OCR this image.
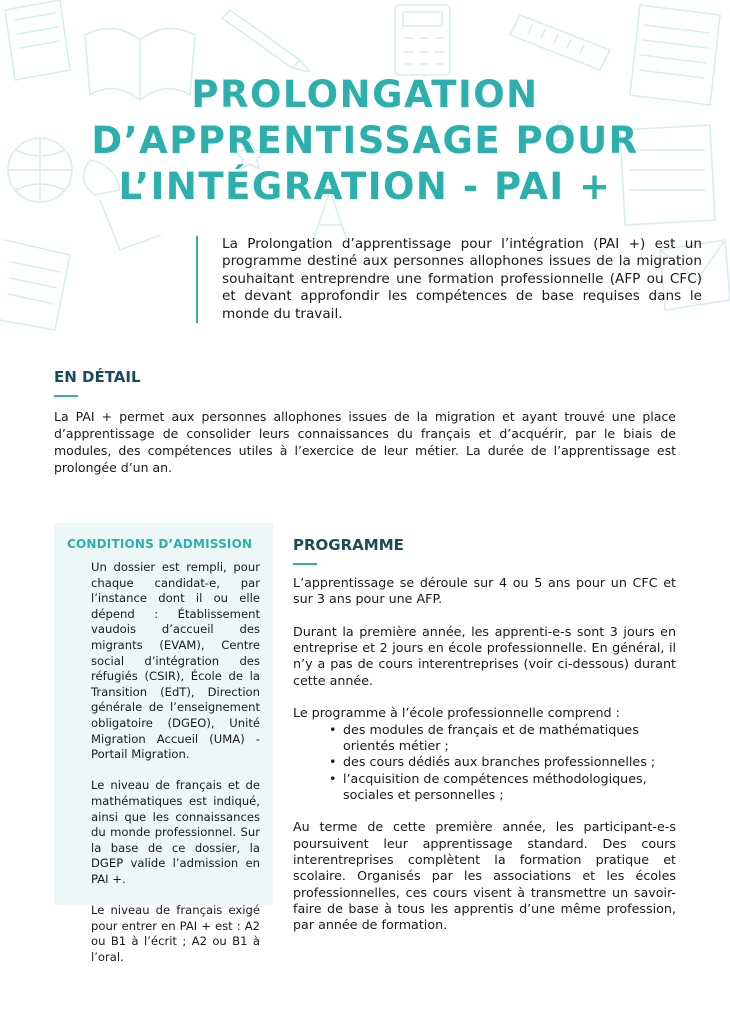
PROLONGATION
D’APPRENTISSAGE POUR
L’INTÉGRATION - PAI +
La Prolongation d’apprentissage pour l’intégration (PAI +) est un programme destiné aux personnes allophones issues de la migration souhaitant entreprendre une formation professionnelle (AFP ou CFC) et devant approfondir les compétences de base requises dans le monde du travail.
EN DÉTAIL

La PAI + permet aux personnes allophones issues de la migration et ayant trouvé une place d’apprentissage de consolider leurs connaissances du français et d’acquérir, par le biais de modules, des compétences utiles à l’exercice de leur métier. La durée de l’apprentissage est prolongée d’un an.

CONDITIONS D’ADMISSION

Un dossier est rempli, pour chaque candidat-e, par l’instance dont il ou elle dépend : Établissement vaudois d’accueil des migrants (EVAM), Centre social d’intégration des réfugiés (CSIR), École de la Transition (EdT), Direction générale de l’enseignement obligatoire (DGEO), Unité Migration Accueil (UMA) - Portail Migration.

Le niveau de français et de mathématiques est indiqué, ainsi que les connaissances du monde professionnel. Sur la base de ce dossier, la DGEP valide l’admission en PAI +.

Le niveau de français exigé pour entrer en PAI + est : A2 ou B1 à l’écrit ; A2 ou B1 à l’oral.

PROGRAMME

L’apprentissage se déroule sur 4 ou 5 ans pour un CFC et sur 3 ans pour une AFP.

Durant la première année, les apprenti-e-s sont 3 jours en entreprise et 2 jours en école professionnelle. En général, il n’y a pas de cours interentreprises (voir ci-dessous) durant cette année.

Le programme à l’école professionnelle comprend :

• des modules de français et de mathématiques orientés métier ;
• des cours dédiés aux branches professionnelles ;
• l’acquisition de compétences méthodologiques, sociales et personnelles ;

Au terme de cette première année, les participant-e-s poursuivent leur apprentissage standard. Des cours interentreprises complètent la formation pratique et scolaire. Organisés par les associations et les écoles professionnelles, ces cours visent à transmettre un savoir-faire de base à tous les apprentis d’une même profession, par année de formation.
